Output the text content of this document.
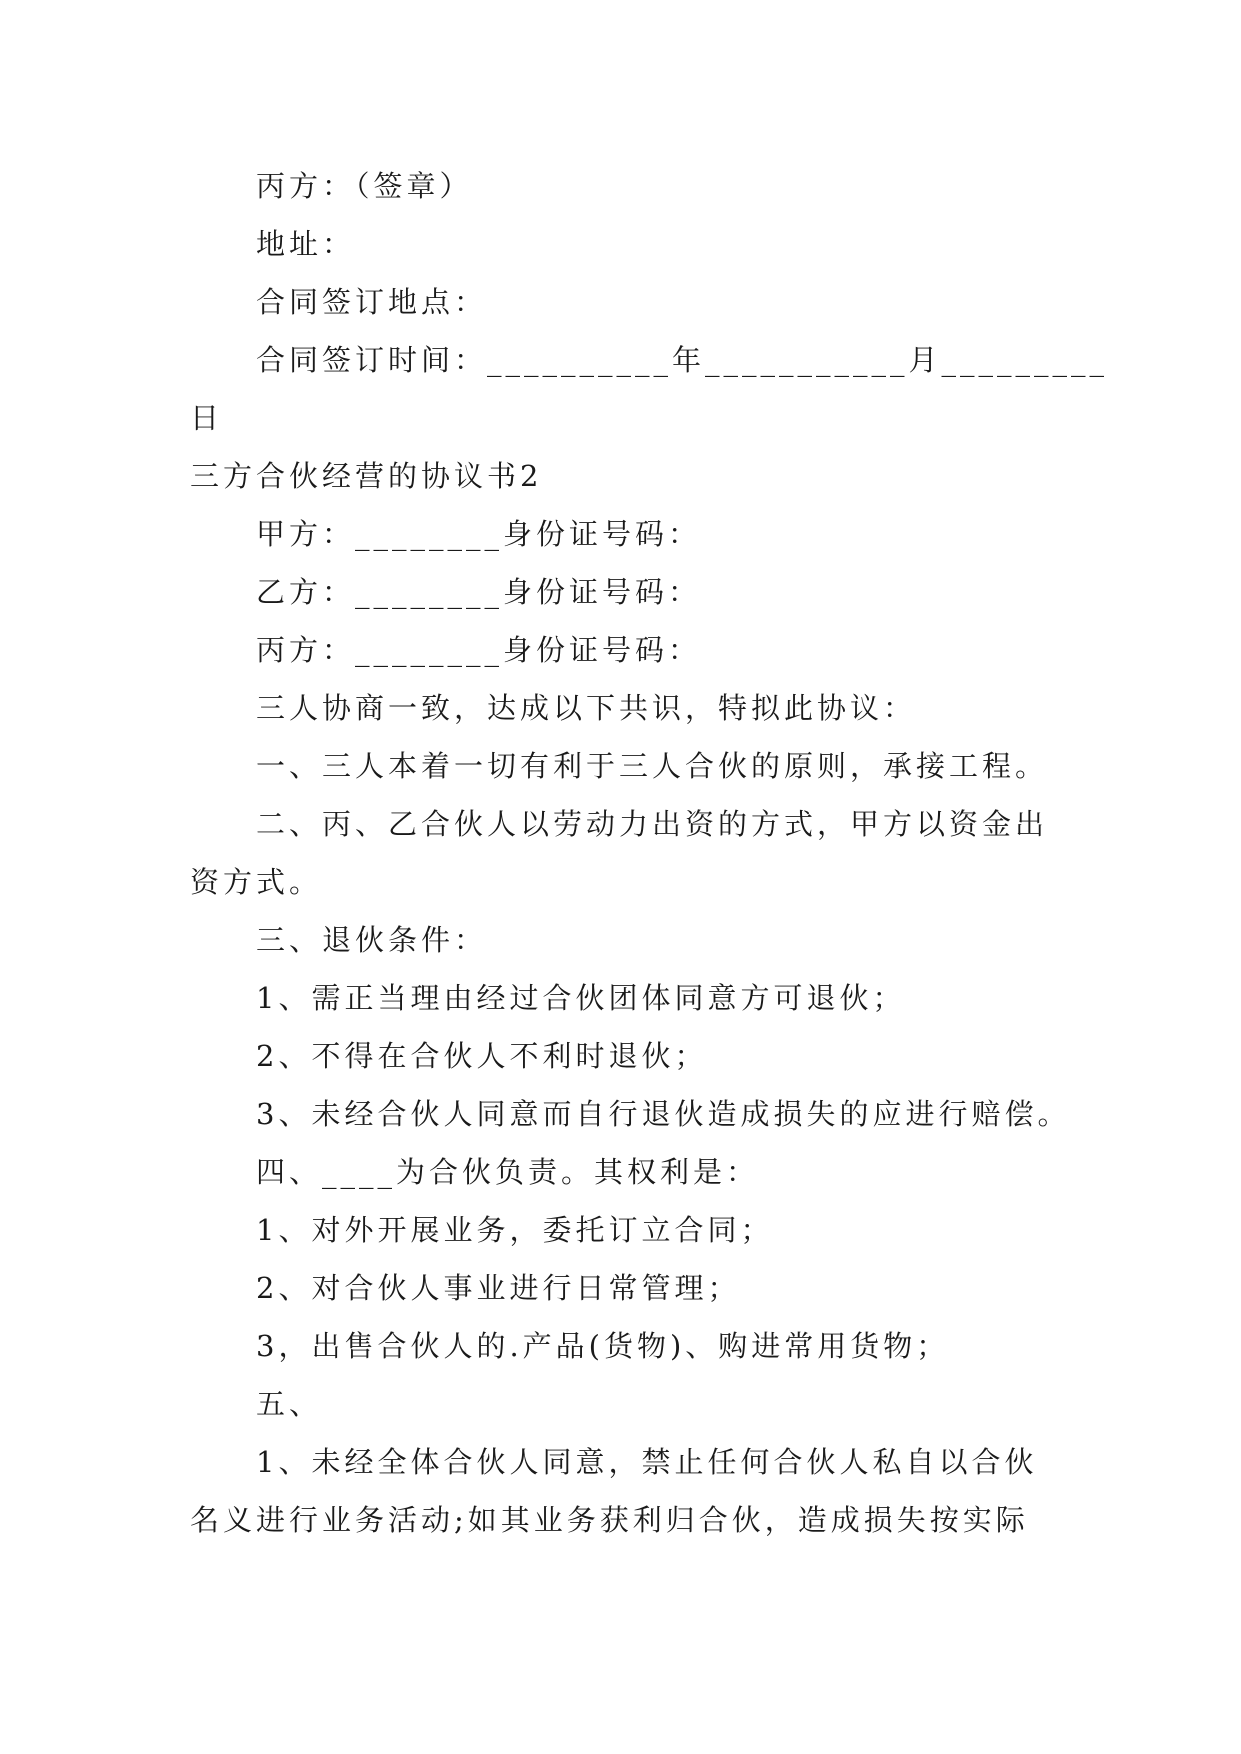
丙方：（签章）
地址：
合同签订地点：
合同签订时间：__________年___________月_________
日
三方合伙经营的协议书2
甲方：________身份证号码：
乙方：________身份证号码：
丙方：________身份证号码：
三人协商一致，达成以下共识，特拟此协议：
一、三人本着一切有利于三人合伙的原则，承接工程。
二、丙、乙合伙人以劳动力出资的方式，甲方以资金出
资方式。
三、退伙条件：
1、需正当理由经过合伙团体同意方可退伙；
2、不得在合伙人不利时退伙；
3、未经合伙人同意而自行退伙造成损失的应进行赔偿。
四、____为合伙负责。其权利是：
1、对外开展业务，委托订立合同；
2、对合伙人事业进行日常管理；
3，出售合伙人的.产品(货物)、购进常用货物；
五、
1、未经全体合伙人同意，禁止任何合伙人私自以合伙
名义进行业务活动;如其业务获利归合伙，造成损失按实际
